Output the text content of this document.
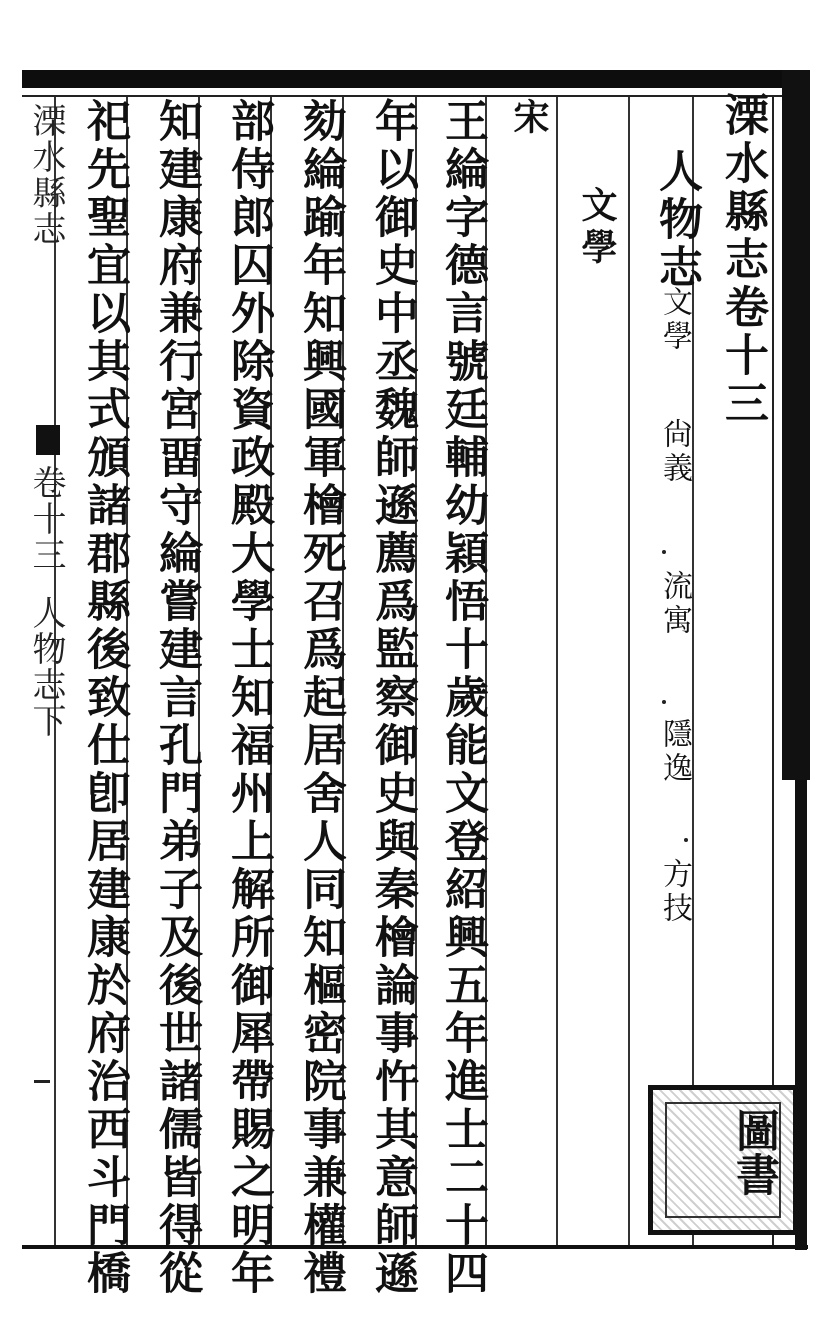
溧水縣志卷十三
人物志
文學
尙義
流寓
隱逸
方技
文學
宋
王綸字德言號廷輔幼穎悟十歲能文登紹興五年進士二十四
年以御史中丞魏師遜薦爲監察御史與秦檜論事忤其意師遜
劾綸踰年知興國軍檜死召爲起居舍人同知樞密院事兼權禮
部侍郎囚外除資政殿大學士知福州上解所御犀帶賜之明年
知建康府兼行宮畱守綸嘗建言孔門弟子及後世諸儒皆得從
祀先聖宜以其式頒諸郡縣後致仕卽居建康於府治西斗門橋
溧水縣志
卷十三
人物志下
圖書
